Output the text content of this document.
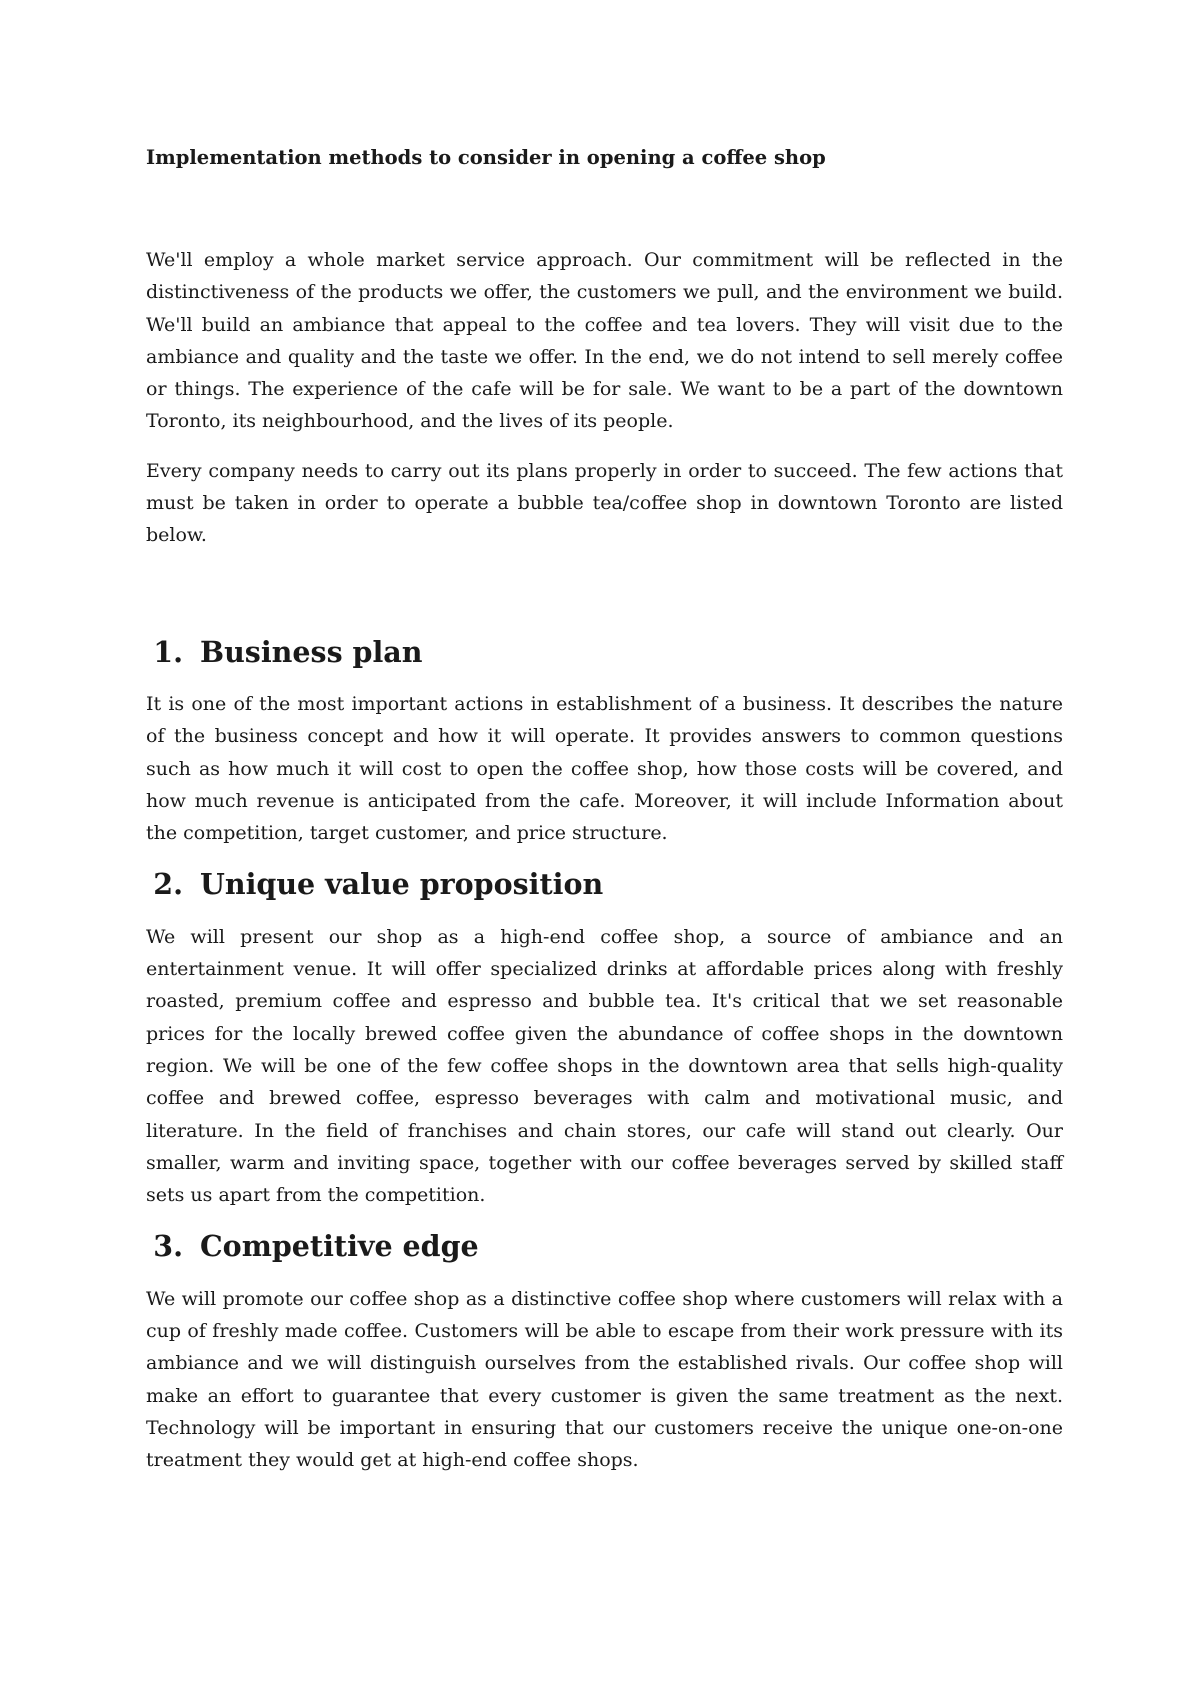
Implementation methods to consider in opening a coffee shop

We'll employ a whole market service approach. Our commitment will be reflected in the distinctiveness of the products we offer, the customers we pull, and the environment we build. We'll build an ambiance that appeal to the coffee and tea lovers. They will visit due to the ambiance and quality and the taste we offer. In the end, we do not intend to sell merely coffee or things. The experience of the cafe will be for sale. We want to be a part of the downtown Toronto, its neighbourhood, and the lives of its people.

Every company needs to carry out its plans properly in order to succeed. The few actions that must be taken in order to operate a bubble tea/coffee shop in downtown Toronto are listed below.

1. Business plan

It is one of the most important actions in establishment of a business. It describes the nature of the business concept and how it will operate. It provides answers to common questions such as how much it will cost to open the coffee shop, how those costs will be covered, and how much revenue is anticipated from the cafe. Moreover, it will include Information about the competition, target customer, and price structure.

2. Unique value proposition

We will present our shop as a high-end coffee shop, a source of ambiance and an entertainment venue. It will offer specialized drinks at affordable prices along with freshly roasted, premium coffee and espresso and bubble tea. It's critical that we set reasonable prices for the locally brewed coffee given the abundance of coffee shops in the downtown region. We will be one of the few coffee shops in the downtown area that sells high-quality coffee and brewed coffee, espresso beverages with calm and motivational music, and literature. In the field of franchises and chain stores, our cafe will stand out clearly. Our smaller, warm and inviting space, together with our coffee beverages served by skilled staff sets us apart from the competition.

3. Competitive edge

We will promote our coffee shop as a distinctive coffee shop where customers will relax with a cup of freshly made coffee. Customers will be able to escape from their work pressure with its ambiance and we will distinguish ourselves from the established rivals. Our coffee shop will make an effort to guarantee that every customer is given the same treatment as the next. Technology will be important in ensuring that our customers receive the unique one-on-one treatment they would get at high-end coffee shops.
